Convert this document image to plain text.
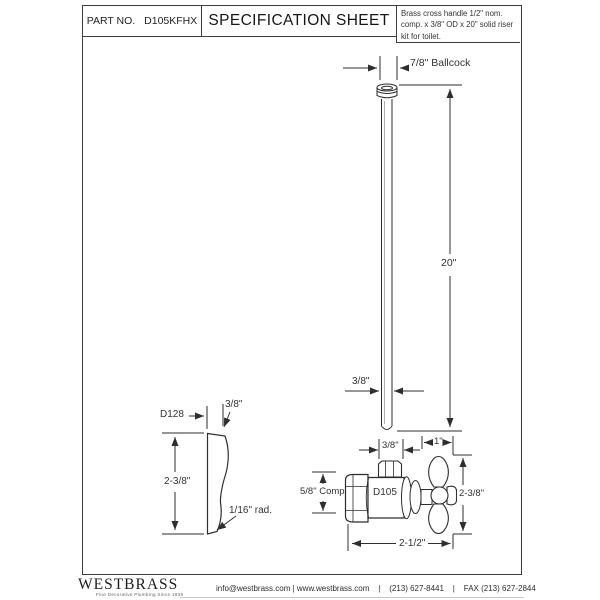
PART NO. D105KFHX SPECIFICATION SHEET	Brass cross handle 1/2" nom. comp. x 3/8" OD x 20" solid riser kit for toilet.
7/8" Ballcock
20"
3/8"
D128
3/8"
2-3/8"
1/16" rad.
3/8"	1"
5/8" Comp	D105	2-3/8"
2-1/2"
WESTBRASS
Fine Decorative Plumbing Since 1935
info@westbrass.com | www.westbrass.com    |    (213) 627-8441    |    FAX (213) 627-2844
